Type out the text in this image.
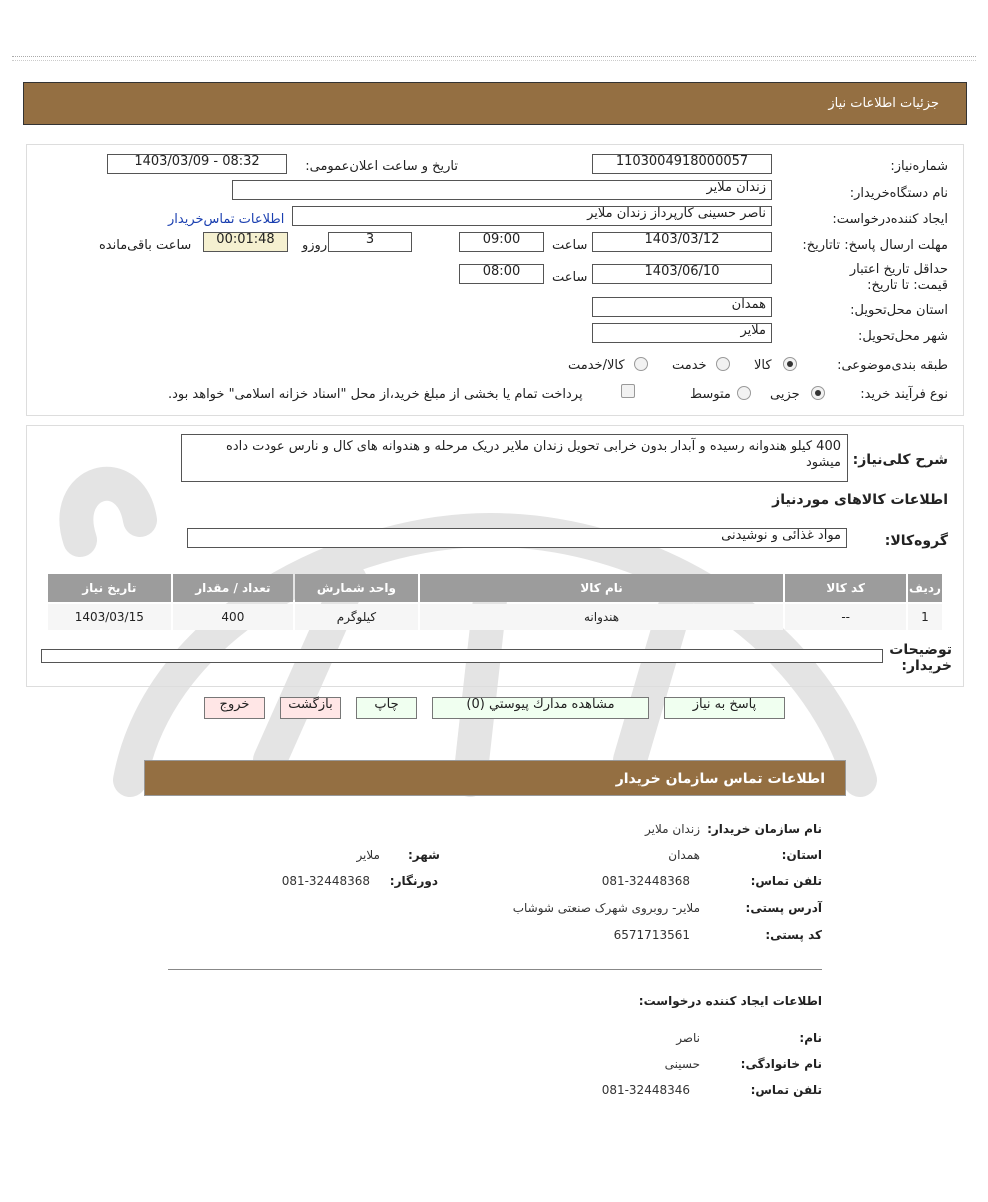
جزئیات اطلاعات نیاز
شماره‌نیاز:
1103004918000057
تاریخ و ساعت اعلان‌عمومی:
1403/03/09 - 08:32
نام دستگاه‌خریدار:
زندان ملایر
ایجاد کننده‌درخواست:
ناصر حسینی کارپرداز زندان ملایر
اطلاعات تماس‌خریدار
مهلت ارسال پاسخ: تاتاریخ:
1403/03/12
ساعت
09:00
3
روزو
00:01:48
ساعت باقی‌مانده
حداقل تاریخ اعتبار قیمت: تا تاریخ:
1403/06/10
ساعت
08:00
استان محل‌تحویل:
همدان
شهر محل‌تحویل:
ملایر
طبقه بندی‌موضوعی:
کالا
خدمت
کالا/خدمت
نوع فرآیند خرید:
جزیی
متوسط
پرداخت تمام یا بخشی از مبلغ خرید،از محل "اسناد خزانه اسلامی" خواهد بود.
شرح کلی‌نیاز:
400 کیلو هندوانه رسیده و آبدار بدون خرابی تحویل زندان ملایر دریک مرحله و هندوانه های کال و نارس عودت داده میشود
اطلاعات کالاهای مورد‌نیاز
گروه‌کالا:
مواد غذائی و نوشیدنی
ردیف	کد کالا	نام کالا	واحد شمارش	تعداد / مقدار	تاریخ نیاز
1	--	هندوانه	کیلوگرم	400	1403/03/15
توضیحات خریدار:
پاسخ به نیاز
مشاهده مدارك پيوستي (0)
چاپ
بازگشت
خروج
اطلاعات تماس سازمان خریدار
نام سازمان خریدار:
زندان ملایر
استان:
همدان
شهر:
ملایر
تلفن تماس:
081-32448368
دورنگار:
081-32448368
آدرس پستی:
ملایر- روبروی شهرک صنعتی شوشاب
کد پستی:
6571713561
اطلاعات ایجاد کننده درخواست:
نام:
ناصر
نام خانوادگی:
حسینی
تلفن تماس:
081-32448346
